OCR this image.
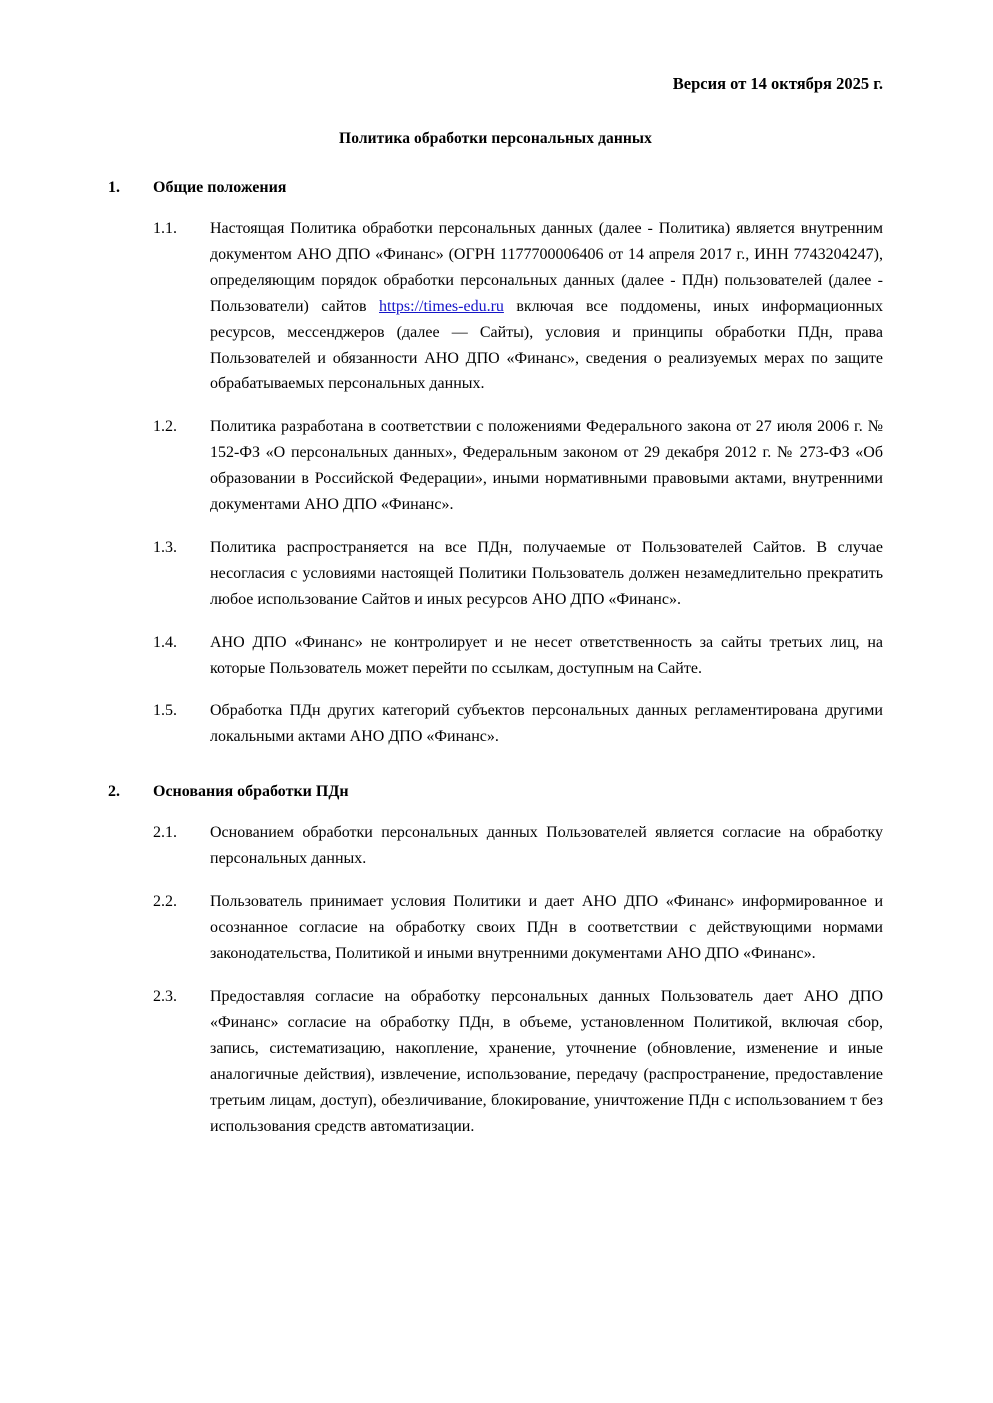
Версия от 14 октября 2025 г.
Политика обработки персональных данных
1.	Общие положения
1.1.	Настоящая Политика обработки персональных данных (далее - Политика) является внутренним документом АНО ДПО «Финанс» (ОГРН 1177700006406 от 14 апреля 2017 г., ИНН 7743204247), определяющим порядок обработки персональных данных (далее - ПДн) пользователей (далее - Пользователи) сайтов https://times-edu.ru включая все поддомены, иных информационных ресурсов, мессенджеров (далее — Сайты), условия и принципы обработки ПДн, права Пользователей и обязанности АНО ДПО «Финанс», сведения о реализуемых мерах по защите обрабатываемых персональных данных.
1.2.	Политика разработана в соответствии с положениями Федерального закона от 27 июля 2006 г. № 152-ФЗ «О персональных данных», Федеральным законом от 29 декабря 2012 г. № 273-ФЗ «Об образовании в Российской Федерации», иными нормативными правовыми актами, внутренними документами АНО ДПО «Финанс».
1.3.	Политика распространяется на все ПДн, получаемые от Пользователей Сайтов. В случае несогласия с условиями настоящей Политики Пользователь должен незамедлительно прекратить любое использование Сайтов и иных ресурсов АНО ДПО «Финанс».
1.4.	АНО ДПО «Финанс» не контролирует и не несет ответственность за сайты третьих лиц, на которые Пользователь может перейти по ссылкам, доступным на Сайте.
1.5.	Обработка ПДн других категорий субъектов персональных данных регламентирована другими локальными актами АНО ДПО «Финанс».
2.	Основания обработки ПДн
2.1.	Основанием обработки персональных данных Пользователей является согласие на обработку персональных данных.
2.2.	Пользователь принимает условия Политики и дает АНО ДПО «Финанс» информированное и осознанное согласие на обработку своих ПДн в соответствии с действующими нормами законодательства, Политикой и иными внутренними документами АНО ДПО «Финанс».
2.3.	Предоставляя согласие на обработку персональных данных Пользователь дает АНО ДПО «Финанс» согласие на обработку ПДн, в объеме, установленном Политикой, включая сбор, запись, систематизацию, накопление, хранение, уточнение (обновление, изменение и иные аналогичные действия), извлечение, использование, передачу (распространение, предоставление третьим лицам, доступ), обезличивание, блокирование, уничтожение ПДн с использованием т без использования средств автоматизации.
